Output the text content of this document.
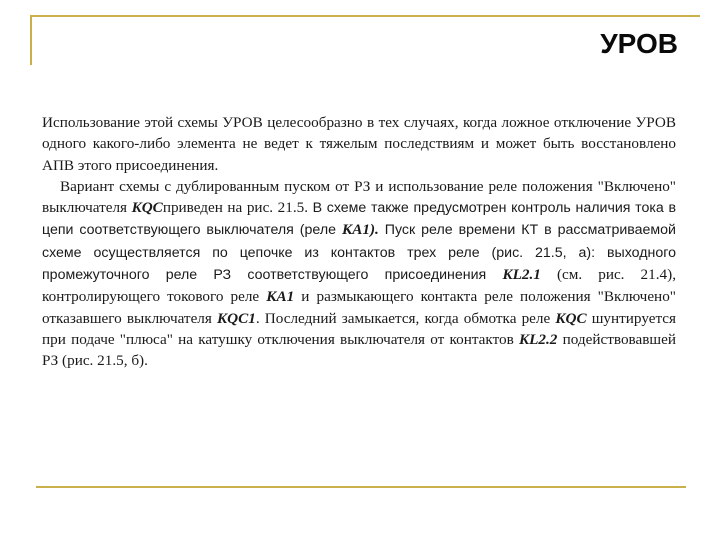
УРОВ

Использование этой схемы УРОВ целесообразно в тех случаях, когда ложное отключение УРОВ одного какого-либо элемента не ведет к тяжелым последствиям и может быть восстановлено АПВ этого присоединения.

Вариант схемы с дублированным пуском от РЗ и использование реле положения "Включено" выключателя KQCприведен на рис. 21.5. В схеме также предусмотрен контроль наличия тока в цепи соответствующего выключателя (реле КА1). Пуск реле времени КТ в рассматриваемой схеме осуществляется по цепочке из контактов трех реле (рис. 21.5, а): выходного промежуточного реле РЗ соответствующего присоединения KL2.1 (см. рис. 21.4), контролирующего токового реле КА1 и размыкающего контакта реле положения "Включено" отказавшего выключателя KQC1. Последний замыкается, когда обмотка реле KQC шунтируется при подаче "плюса" на катушку отключения выключателя от контактов KL2.2 подействовавшей РЗ (рис. 21.5, б).
